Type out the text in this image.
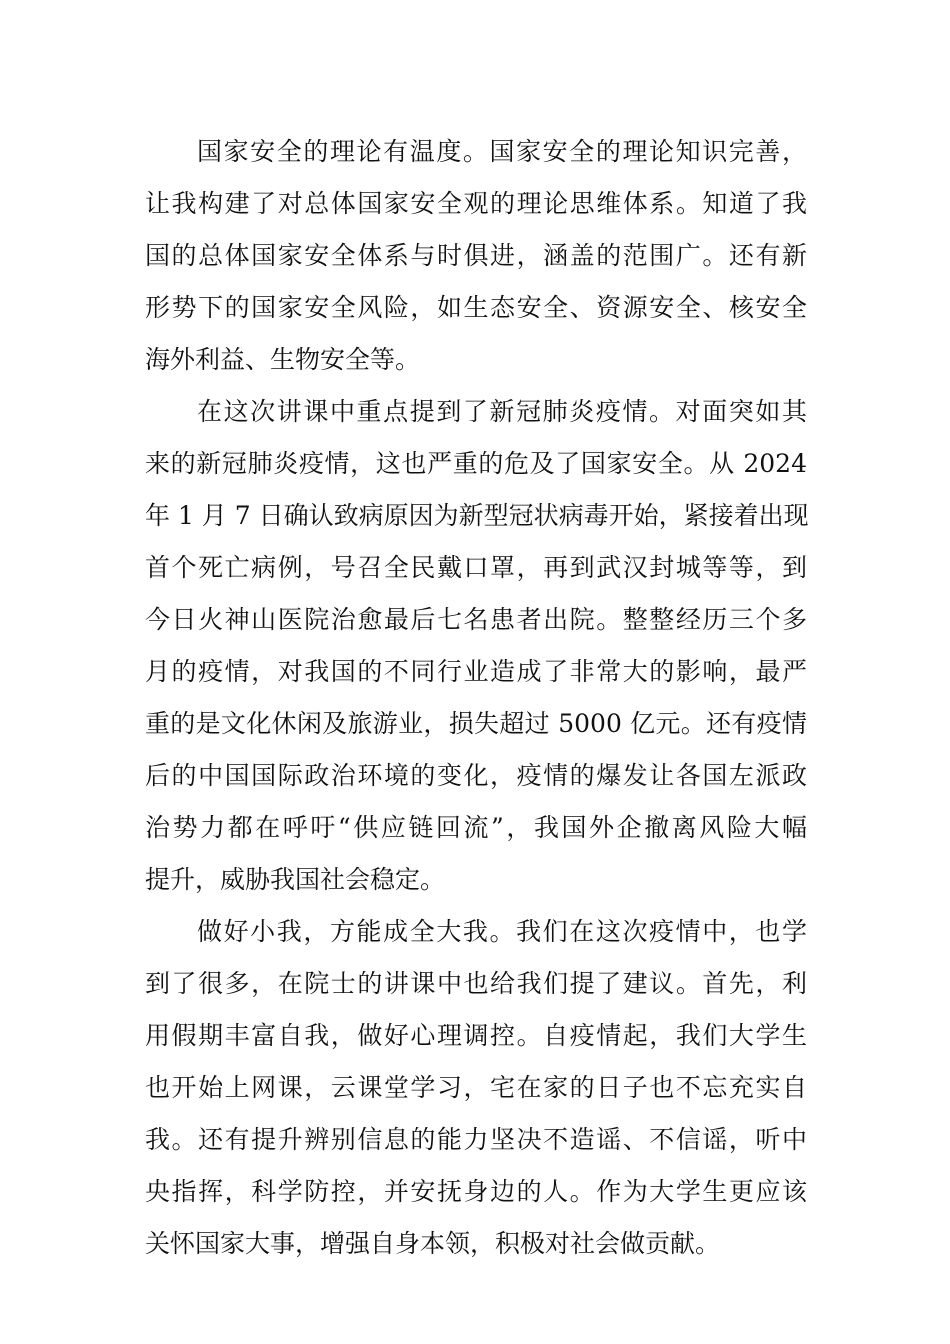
国家安全的理论有温度。国家安全的理论知识完善，
让我构建了对总体国家安全观的理论思维体系。知道了我
国的总体国家安全体系与时俱进，涵盖的范围广。还有新
形势下的国家安全风险，如生态安全、资源安全、核安全
海外利益、生物安全等。
在这次讲课中重点提到了新冠肺炎疫情。对面突如其
来的新冠肺炎疫情，这也严重的危及了国家安全。从 2024
年 1 月 7 日确认致病原因为新型冠状病毒开始，紧接着出现
首个死亡病例，号召全民戴口罩，再到武汉封城等等，到
今日火神山医院治愈最后七名患者出院。整整经历三个多
月的疫情，对我国的不同行业造成了非常大的影响，最严
重的是文化休闲及旅游业，损失超过 5000 亿元。还有疫情
后的中国国际政治环境的变化，疫情的爆发让各国左派政
治势力都在呼吁“供应链回流”，我国外企撤离风险大幅
提升，威胁我国社会稳定。
做好小我，方能成全大我。我们在这次疫情中，也学
到了很多，在院士的讲课中也给我们提了建议。首先，利
用假期丰富自我，做好心理调控。自疫情起，我们大学生
也开始上网课，云课堂学习，宅在家的日子也不忘充实自
我。还有提升辨别信息的能力坚决不造谣、不信谣，听中
央指挥，科学防控，并安抚身边的人。作为大学生更应该
关怀国家大事，增强自身本领，积极对社会做贡献。
